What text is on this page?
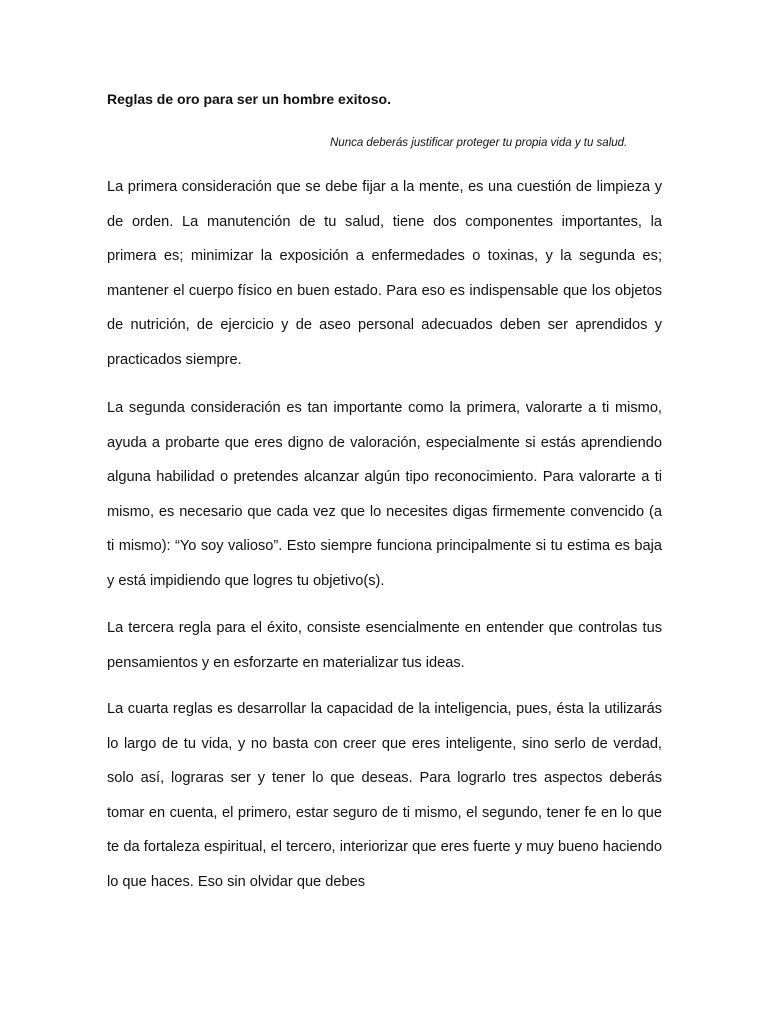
Reglas de oro para ser un hombre exitoso.

Nunca deberás justificar proteger tu propia vida y tu salud.

La primera consideración que se debe fijar a la mente, es una cuestión de limpieza y de orden. La manutención de tu salud, tiene dos componentes importantes, la primera es; minimizar la exposición a enfermedades o toxinas, y la segunda es; mantener el cuerpo físico en buen estado. Para eso es indispensable que los objetos de nutrición, de ejercicio y de aseo personal adecuados deben ser aprendidos y practicados siempre.

La segunda consideración es tan importante como la primera, valorarte a ti mismo, ayuda a probarte que eres digno de valoración, especialmente si estás aprendiendo alguna habilidad o pretendes alcanzar algún tipo reconocimiento. Para valorarte a ti mismo, es necesario que cada vez que lo necesites digas firmemente convencido (a ti mismo): “Yo soy valioso”. Esto siempre funciona principalmente si tu estima es baja y está impidiendo que logres tu objetivo(s).

La tercera regla para el éxito, consiste esencialmente en entender que controlas tus pensamientos y en esforzarte en materializar tus ideas.

La cuarta reglas es desarrollar la capacidad de la inteligencia, pues, ésta la utilizarás lo largo de tu vida, y no basta con creer que eres inteligente, sino serlo de verdad, solo así, lograras ser y tener lo que deseas. Para lograrlo tres aspectos deberás tomar en cuenta, el primero, estar seguro de ti mismo, el segundo, tener fe en lo que te da fortaleza espiritual, el tercero, interiorizar que eres fuerte y muy bueno haciendo lo que haces. Eso sin olvidar que debes
